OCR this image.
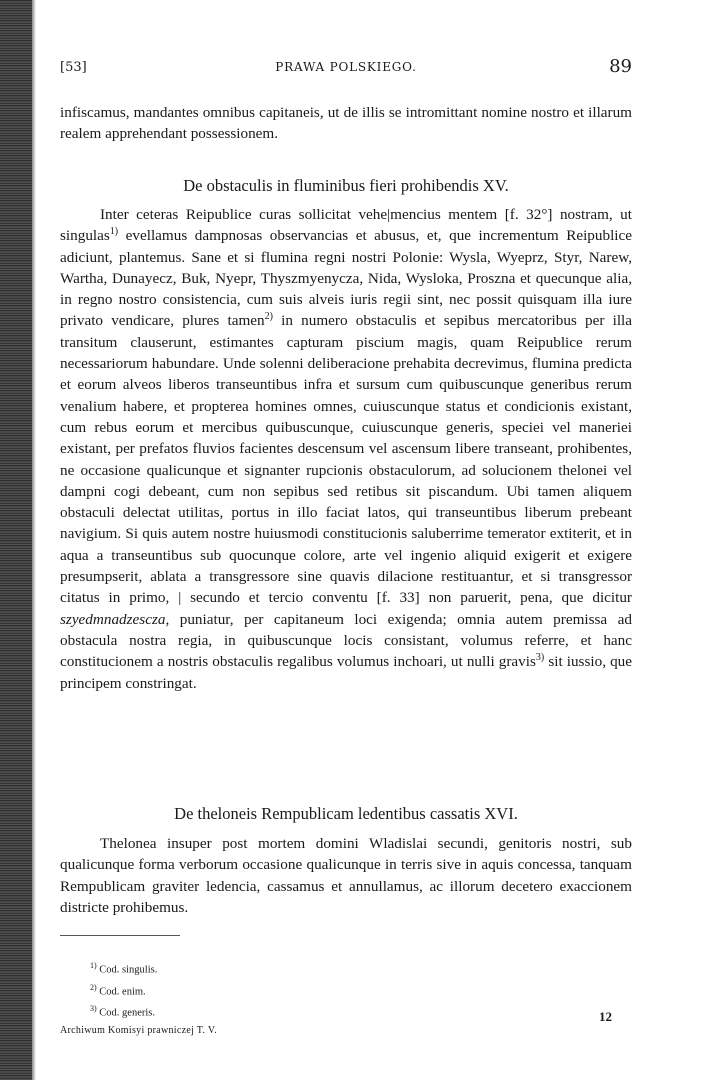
[53]	PRAWA POLSKIEGO.	89

infiscamus, mandantes omnibus capitaneis, ut de illis se intromittant nomine nostro et illarum realem apprehendant possessionem.

De obstaculis in fluminibus fieri prohibendis XV.

Inter ceteras Reipublice curas sollicitat vehe|mencius mentem [f. 32°] nostram, ut singulas$^{1)}$ evellamus dampnosas observancias et abusus, et, que incrementum Reipublice adiciunt, plantemus. Sane et si flumina regni nostri Polonie: Wysla, Wyeprz, Styr, Narew, Wartha, Dunayecz, Buk, Nyepr, Thyszmyenycza, Nida, Wysloka, Proszna et quecunque alia, in regno nostro consistencia, cum suis alveis iuris regii sint, nec possit quisquam illa iure privato vendicare, plures tamen$^{2)}$ in numero obstaculis et sepibus mercatoribus per illa transitum clauserunt, estimantes capturam piscium magis, quam Reipublice rerum necessariorum habundare. Unde solenni deliberacione prehabita decrevimus, flumina predicta et eorum alveos liberos transeuntibus infra et sursum cum quibuscunque generibus rerum venalium habere, et propterea homines omnes, cuiuscunque status et condicionis existant, cum rebus eorum et mercibus quibuscunque, cuiuscunque generis, speciei vel maneriei existant, per prefatos fluvios facientes descensum vel ascensum libere transeant, prohibentes, ne occasione qualicunque et signanter rupcionis obstaculorum, ad solucionem thelonei vel dampni cogi debeant, cum non sepibus sed retibus sit piscandum. Ubi tamen aliquem obstaculi delectat utilitas, portus in illo faciat latos, qui transeuntibus liberum prebeant navigium. Si quis autem nostre huiusmodi constitucionis saluberrime temerator extiterit, et in aqua a transeuntibus sub quocunque colore, arte vel ingenio aliquid exigerit et exigere presumpserit, ablata a transgressore sine quavis dilacione restituantur, et si transgressor citatus in primo, | secundo et tercio conventu [f. 33] non paruerit, pena, que dicitur szyedmnadzescza, puniatur, per capitaneum loci exigenda; omnia autem premissa ad obstacula nostra regia, in quibuscunque locis consistant, volumus referre, et hanc constitucionem a nostris obstaculis regalibus volumus inchoari, ut nulli gravis$^{3)}$ sit iussio, que principem constringat.

De theloneis Rempublicam ledentibus cassatis XVI.

Thelonea insuper post mortem domini Wladislai secundi, genitoris nostri, sub qualicunque forma verborum occasione qualicunque in terris sive in aquis concessa, tanquam Rempublicam graviter ledencia, cassamus et annullamus, ac illorum decetero exaccionem districte prohibemus.

$^{1)}$ Cod. singulis.
$^{2)}$ Cod. enim.
$^{3)}$ Cod. generis.
Archiwum Komisyi prawniczej T. V.
12
